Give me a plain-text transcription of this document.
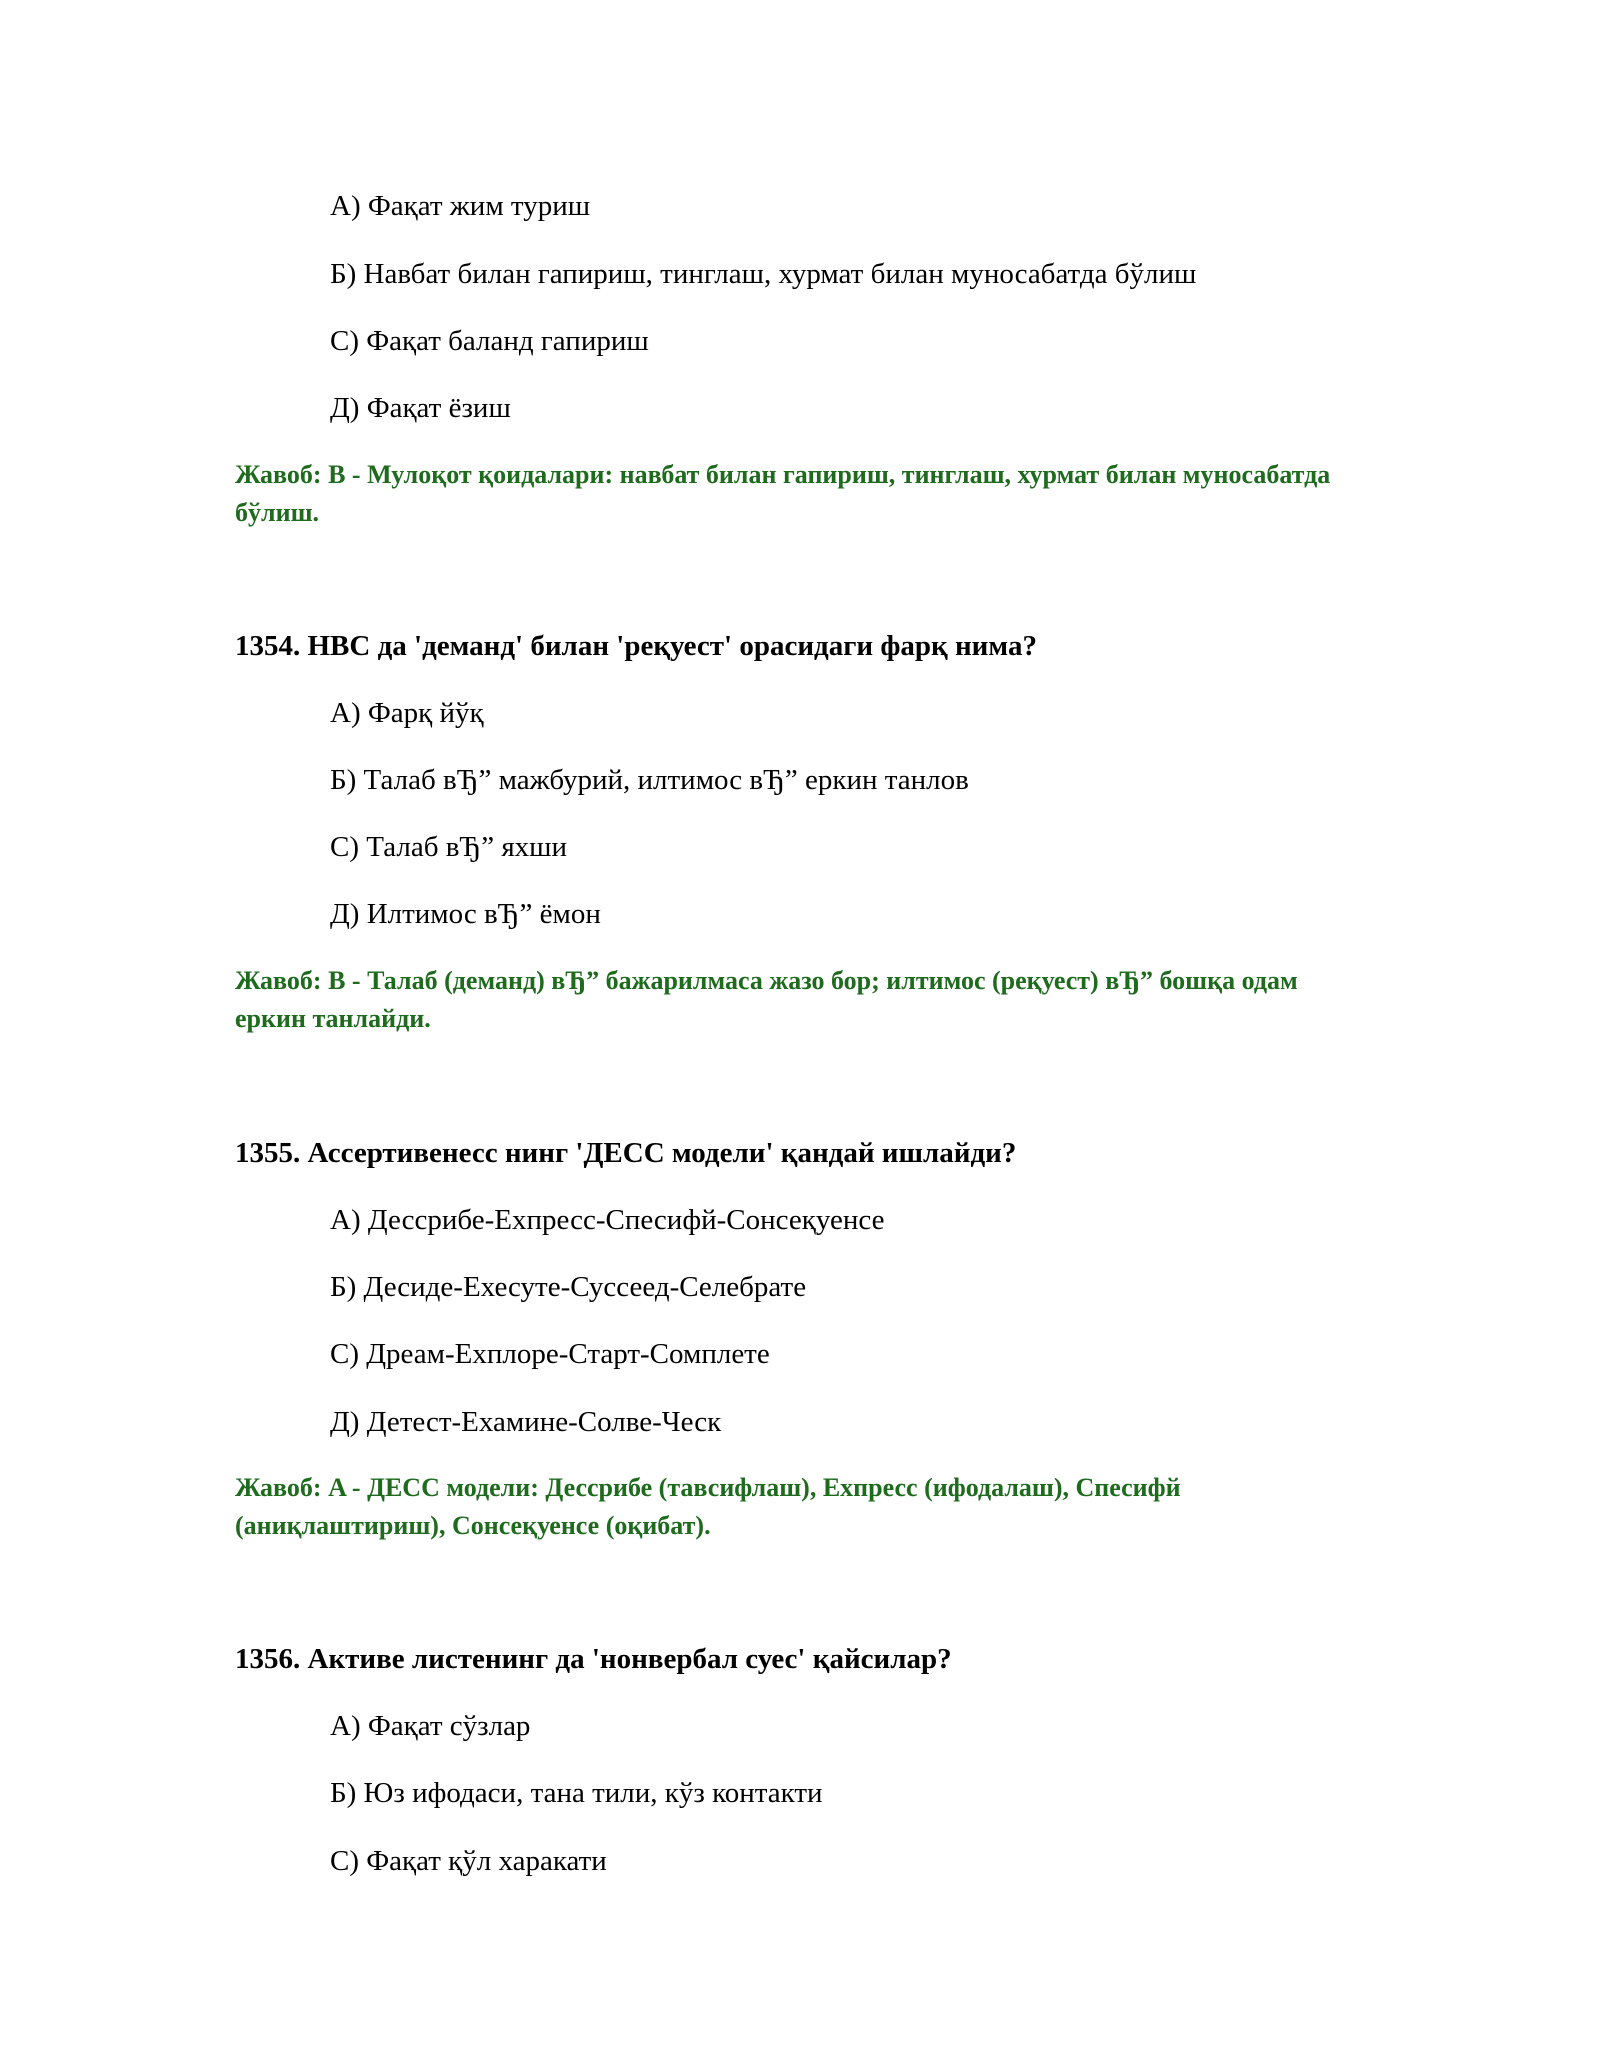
А) Фақат жим туриш
Б) Навбат билан гапириш, тинглаш, хурмат билан муносабатда бўлиш
С) Фақат баланд гапириш
Д) Фақат ёзиш
Жавоб: B - Мулоқот қоидалари: навбат билан гапириш, тинглаш, хурмат билан муносабатда бўлиш.
1354. НВС да 'деманд' билан 'реқуест' орасидаги фарқ нима?
А) Фарқ йўқ
Б) Талаб вЂ” мажбурий, илтимос вЂ” еркин танлов
С) Талаб вЂ” яхши
Д) Илтимос вЂ” ёмон
Жавоб: B - Талаб (деманд) вЂ” бажарилмаса жазо бор; илтимос (реқуест) вЂ” бошқа одам еркин танлайди.
1355. Ассертивенесс нинг 'ДЕСС модели' қандай ишлайди?
А) Дессрибе-Ехпресс-Спесифй-Сонсеқуенсе
Б) Десиде-Ехесуте-Суссеед-Селебрате
С) Дреам-Ехплоре-Старт-Сомплете
Д) Детест-Ехамине-Солве-Ческ
Жавоб: A - ДЕСС модели: Дессрибе (тавсифлаш), Ехпресс (ифодалаш), Спесифй (аниқлаштириш), Сонсеқуенсе (оқибат).
1356. Активе листенинг да 'нонвербал суес' қайсилар?
А) Фақат сўзлар
Б) Юз ифодаси, тана тили, кўз контакти
С) Фақат қўл харакати
